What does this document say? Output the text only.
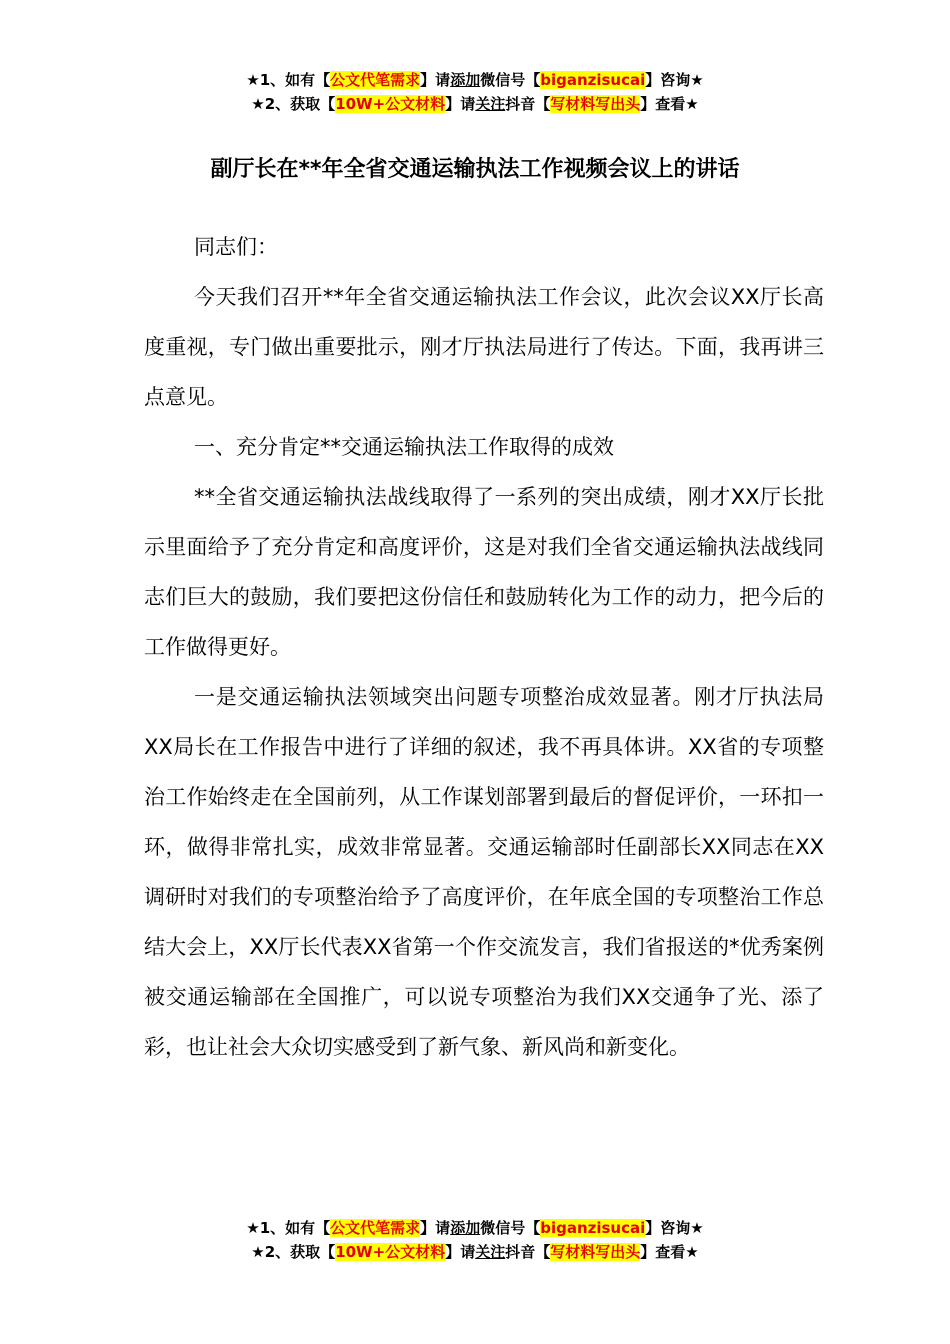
★1、如有【公文代笔需求】请添加微信号【biganzisucai】咨询★
★2、获取【10W+公文材料】请关注抖音【写材料写出头】查看★
副厅长在**年全省交通运输执法工作视频会议上的讲话

同志们：

今天我们召开**年全省交通运输执法工作会议，此次会议XX厅长高度重视，专门做出重要批示，刚才厅执法局进行了传达。下面，我再讲三点意见。

一、充分肯定**交通运输执法工作取得的成效

**全省交通运输执法战线取得了一系列的突出成绩，刚才XX厅长批示里面给予了充分肯定和高度评价，这是对我们全省交通运输执法战线同志们巨大的鼓励，我们要把这份信任和鼓励转化为工作的动力，把今后的工作做得更好。

一是交通运输执法领域突出问题专项整治成效显著。刚才厅执法局XX局长在工作报告中进行了详细的叙述，我不再具体讲。XX省的专项整治工作始终走在全国前列，从工作谋划部署到最后的督促评价，一环扣一环，做得非常扎实，成效非常显著。交通运输部时任副部长XX同志在XX调研时对我们的专项整治给予了高度评价，在年底全国的专项整治工作总结大会上，XX厅长代表XX省第一个作交流发言，我们省报送的*优秀案例被交通运输部在全国推广，可以说专项整治为我们XX交通争了光、添了彩，也让社会大众切实感受到了新气象、新风尚和新变化。

★1、如有【公文代笔需求】请添加微信号【biganzisucai】咨询★
★2、获取【10W+公文材料】请关注抖音【写材料写出头】查看★
